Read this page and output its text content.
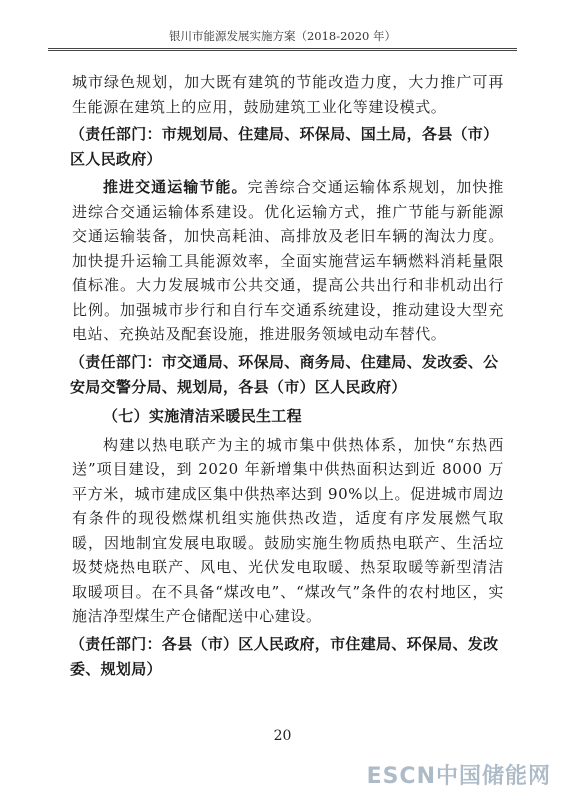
银川市能源发展实施方案（2018-2020 年）

城市绿色规划，加大既有建筑的节能改造力度，大力推广可再生能源在建筑上的应用，鼓励建筑工业化等建设模式。

（责任部门：市规划局、住建局、环保局、国土局，各县（市）区人民政府）

推进交通运输节能。完善综合交通运输体系规划，加快推进综合交通运输体系建设。优化运输方式，推广节能与新能源交通运输装备，加快高耗油、高排放及老旧车辆的淘汰力度。加快提升运输工具能源效率，全面实施营运车辆燃料消耗量限值标准。大力发展城市公共交通，提高公共出行和非机动出行比例。加强城市步行和自行车交通系统建设，推动建设大型充电站、充换站及配套设施，推进服务领域电动车替代。

（责任部门：市交通局、环保局、商务局、住建局、发改委、公安局交警分局、规划局，各县（市）区人民政府）

（七）实施清洁采暖民生工程

构建以热电联产为主的城市集中供热体系，加快“东热西送”项目建设，到 2020 年新增集中供热面积达到近 8000 万平方米，城市建成区集中供热率达到 90%以上。促进城市周边有条件的现役燃煤机组实施供热改造，适度有序发展燃气取暖，因地制宜发展电取暖。鼓励实施生物质热电联产、生活垃圾焚烧热电联产、风电、光伏发电取暖、热泵取暖等新型清洁取暖项目。在不具备“煤改电”、“煤改气”条件的农村地区，实施洁净型煤生产仓储配送中心建设。

（责任部门：各县（市）区人民政府，市住建局、环保局、发改委、规划局）

20
ESCN中国储能网
